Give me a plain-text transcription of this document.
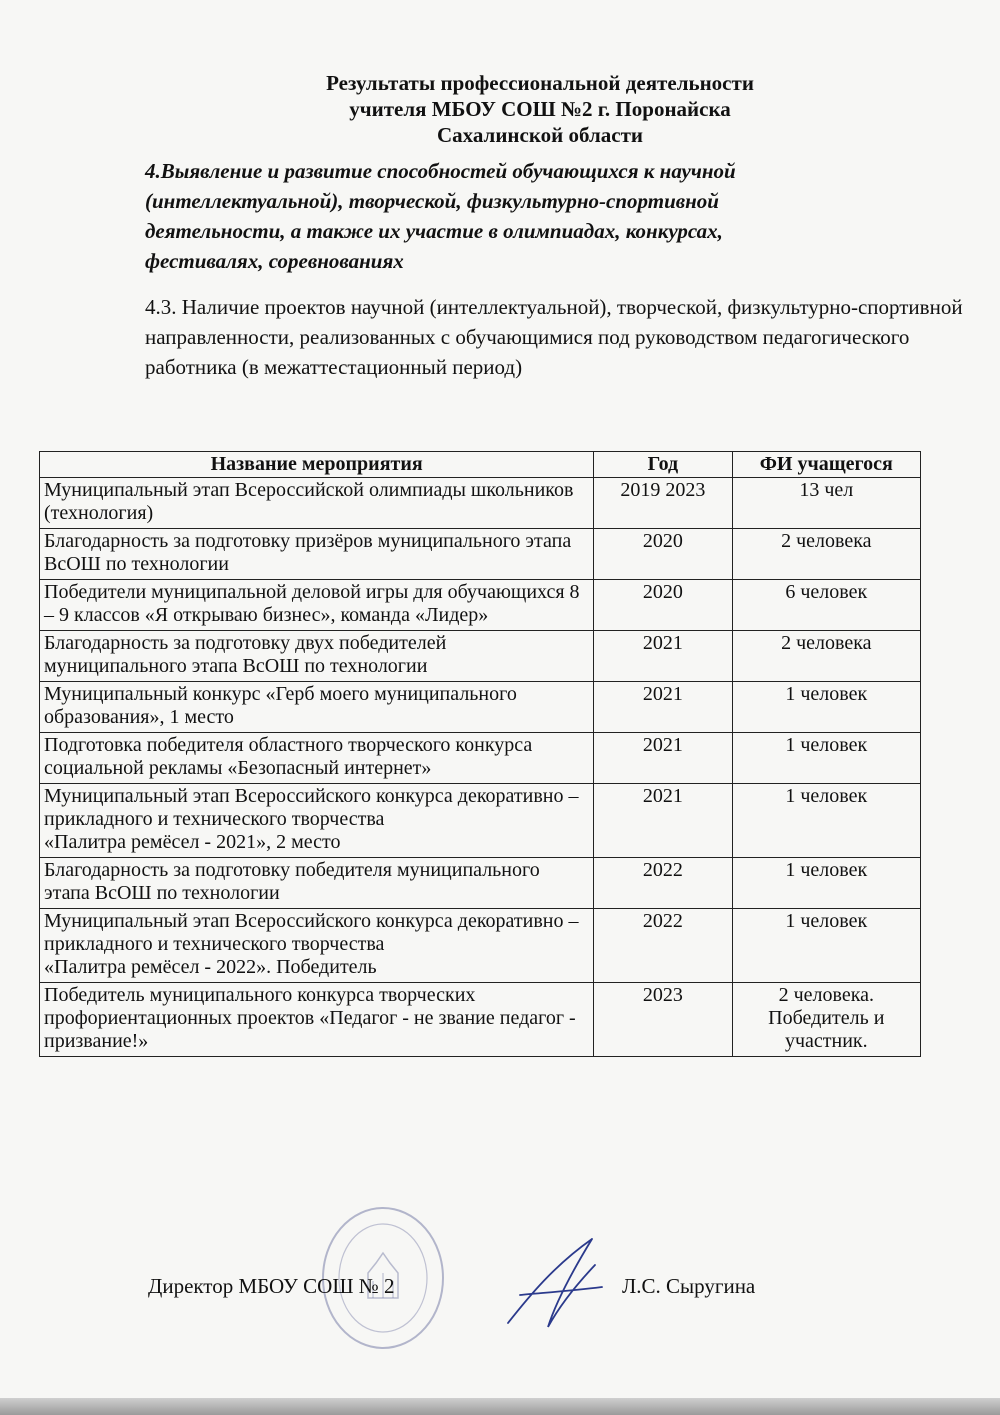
Результаты профессиональной деятельности
учителя МБОУ СОШ №2 г. Поронайска
Сахалинской области
4.Выявление и развитие способностей обучающихся к научной (интеллектуальной), творческой, физкультурно-спортивной деятельности, а также их участие в олимпиадах, конкурсах, фестивалях, соревнованиях
4.3. Наличие проектов научной (интеллектуальной), творческой, физкультурно-спортивной направленности, реализованных с обучающимися под руководством педагогического работника (в межаттестационный период)
Название мероприятия	Год	ФИ учащегося
Муниципальный этап Всероссийской олимпиады школьников (технология)	2019 2023	13 чел
Благодарность за подготовку призёров муниципального этапа ВсОШ по технологии	2020	2 человека
Победители муниципальной деловой игры для обучающихся 8 – 9 классов «Я открываю бизнес», команда «Лидер»	2020	6 человек
Благодарность за подготовку двух победителей муниципального этапа ВсОШ по технологии	2021	2 человека
Муниципальный конкурс «Герб моего муниципального образования», 1 место	2021	1 человек
Подготовка победителя областного творческого конкурса социальной рекламы «Безопасный интернет»	2021	1 человек
Муниципальный этап Всероссийского конкурса декоративно – прикладного и технического творчества
«Палитра ремёсел - 2021», 2 место	2021	1 человек
Благодарность за подготовку победителя муниципального этапа ВсОШ по технологии	2022	1 человек
Муниципальный этап Всероссийского конкурса декоративно – прикладного и технического творчества
«Палитра ремёсел - 2022». Победитель	2022	1 человек
Победитель муниципального конкурса творческих профориентационных проектов «Педагог - не звание педагог - призвание!»	2023	2 человека. Победитель и участник.
Директор МБОУ СОШ № 2	Л.С. Сыругина
